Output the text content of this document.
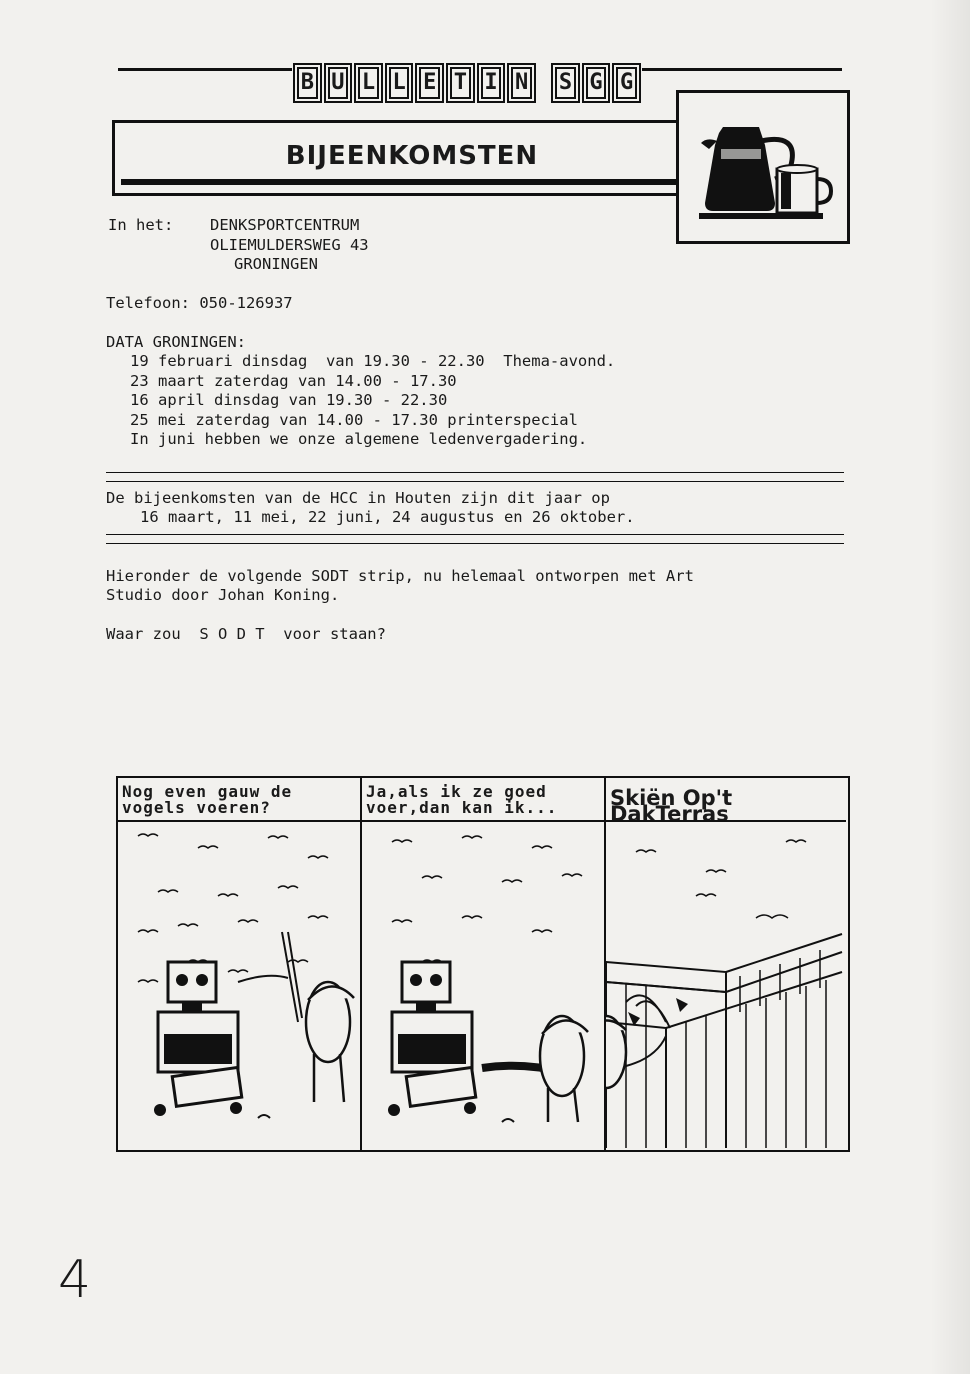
B U L L E T I N	S G G
BIJEENKOMSTEN
In het: DENKSPORTCENTRUM
OLIEMULDERSWEG 43
GRONINGEN
Telefoon: 050-126937
DATA GRONINGEN:
19 februari dinsdag  van 19.30 - 22.30  Thema-avond.
23 maart zaterdag van 14.00 - 17.30
16 april dinsdag van 19.30 - 22.30
25 mei zaterdag van 14.00 - 17.30 printerspecial
In juni hebben we onze algemene ledenvergadering.
De bijeenkomsten van de HCC in Houten zijn dit jaar op
16 maart, 11 mei, 22 juni, 24 augustus en 26 oktober.
Hieronder de volgende SODT strip, nu helemaal ontworpen met Art
Studio door Johan Koning.
Waar zou  S O D T  voor staan?
Nog even gauw de
vogels voeren?
Ja,als ik ze goed
voer,dan kan ik...	Skiën Op't DakTerras
4
